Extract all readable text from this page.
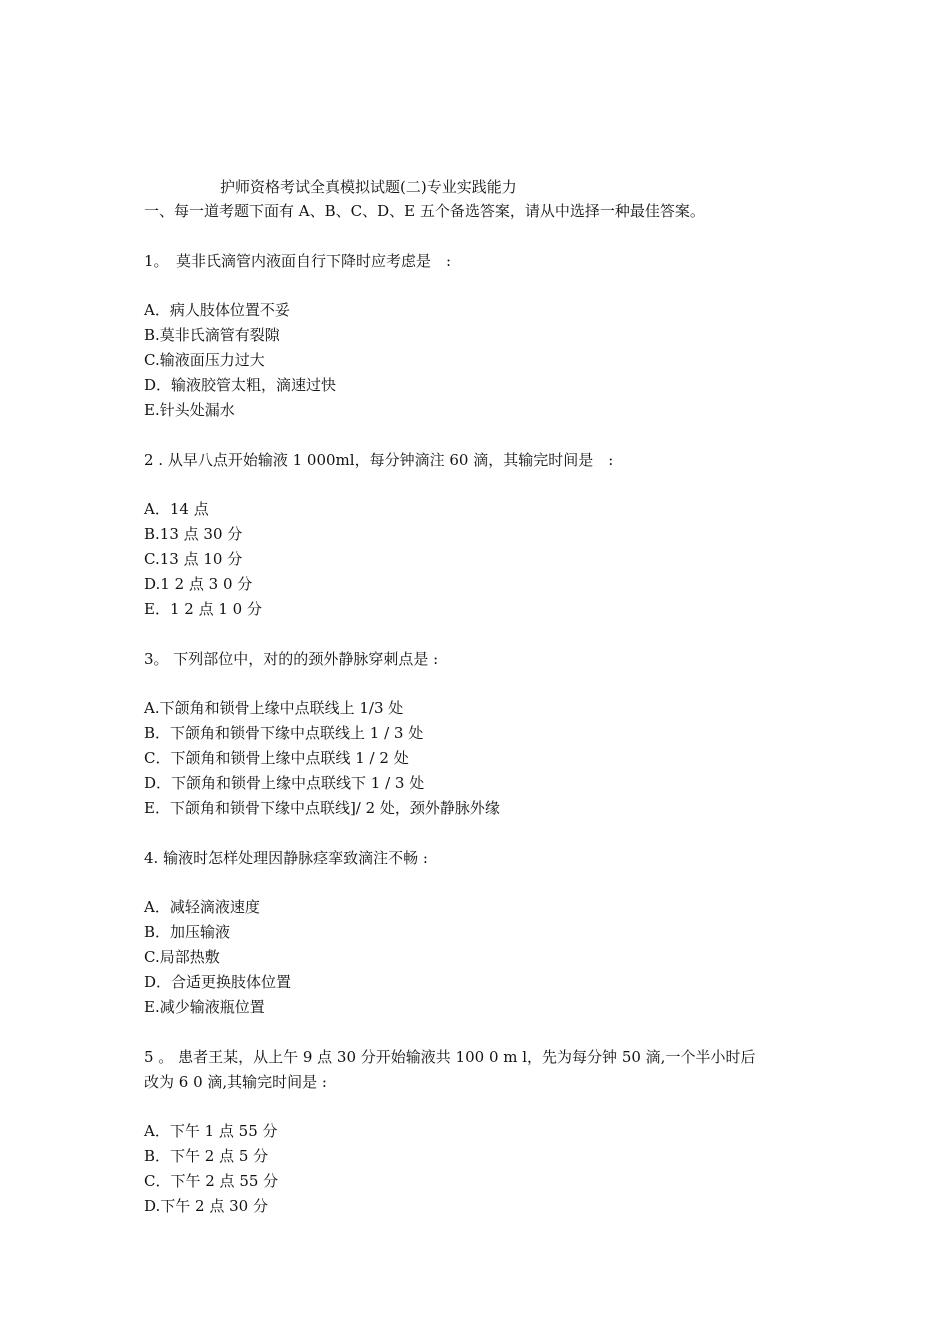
护师资格考试全真模拟试题(二)专业实践能力
一、每一道考题下面有 A、B、C、D、E 五个备选答案，请从中选择一种最佳答案。
1。　莫非氏滴管内液面自行下降时应考虑是　:
A．病人肢体位置不妥
B.莫非氏滴管有裂隙
C.输液面压力过大
D．输液胶管太粗，滴速过快
E.针头处漏水
2 . 从早八点开始输液 1 000ml，每分钟滴注 60 滴，其输完时间是　:
A．14 点
B.13 点 30 分
C.13 点 10 分
D.1 2 点 3 0 分
E．1 2 点 1 0 分
3。 下列部位中，对的的颈外静脉穿刺点是 :
A.下颌角和锁骨上缘中点联线上 1/3 处
B．下颌角和锁骨下缘中点联线上 1 / 3 处
C．下颌角和锁骨上缘中点联线 1 / 2 处
D．下颌角和锁骨上缘中点联线下 1 / 3 处
E．下颌角和锁骨下缘中点联线]/ 2 处，颈外静脉外缘
4. 输液时怎样处理因静脉痉挛致滴注不畅 :
A．减轻滴液速度
B．加压输液
C.局部热敷
D．合适更换肢体位置
E.减少输液瓶位置
5 。 患者王某，从上午 9 点 30 分开始输液共 100 0 m l，先为每分钟 50 滴,一个半小时后
改为 6 0 滴,其输完时间是 :
A．下午 1 点 55 分
B．下午 2 点 5 分
C．下午 2 点 55 分
D.下午 2 点 30 分
